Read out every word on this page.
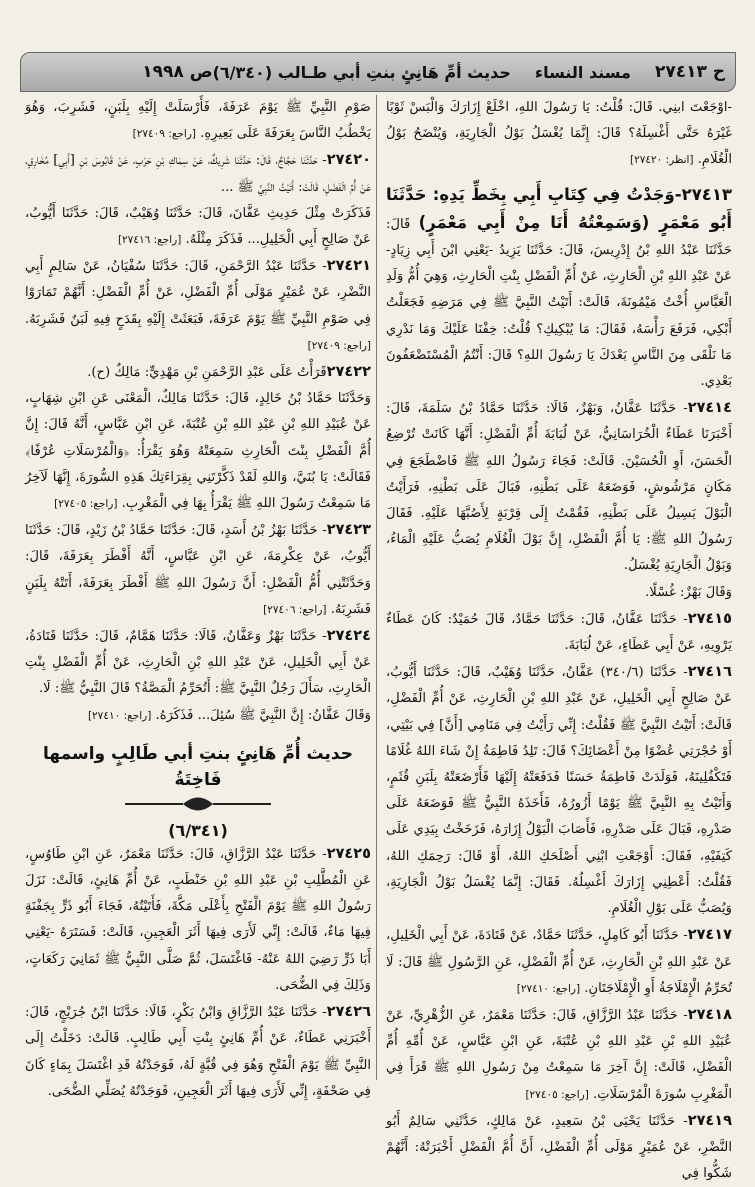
ح ٢٧٤١٣
مسند النساء
حديث أمِّ هَانِئٍ بنتِ أبي طـالب (٦/٣٤٠)
ص ١٩٩٨

-اوْجَعْتَ ابنِي. قَالَ: قُلْتُ: يَا رَسُولَ اللهِ، اخْلَعْ إِزَارَكَ وَالْبَسْ ثَوْبًا غَيْرَهُ حَتَّى أَغْسِلَهُ؟ قَالَ: إِنَّمَا يُغْسَلُ بَوْلُ الْجَارِيَةِ، وَيُنْضَحُ بَوْلُ الْغُلَامِ. [انظر: ٢٧٤٢٠]

٢٧٤١٣-وَجَدْتُ فِي كِتَابِ أَبِي بِخَطِّ يَدِهِ: حَدَّثَنَا أَبُو مَعْمَرٍ (وَسَمِعْتُهُ أَنَا مِنْ أَبِي مَعْمَرٍ) قَالَ: حَدَّثَنَا عَبْدُ اللهِ بْنُ إِدْرِيسَ، قَالَ: حَدَّثَنَا يَزِيدُ -يَعْنِي ابْنَ أَبِي زِيَادٍ- عَنْ عَبْدِ اللهِ بْنِ الْحَارِثِ، عَنْ أُمِّ الْفَضْلِ بِنْتِ الْحَارِثِ، وَهِيَ أُمُّ وَلَدِ الْعَبَّاسِ أُخْتُ مَيْمُونَةَ، قَالَتْ: أَتَيْتُ النَّبِيَّ ﷺ فِي مَرَضِهِ فَجَعَلْتُ أَبْكِي، فَرَفَعَ رَأْسَهُ، فَقَالَ: مَا يُبْكِيكِ؟ قُلْتُ: خِفْنَا عَلَيْكَ وَمَا نَدْرِي مَا نَلْقَى مِنَ النَّاسِ بَعْدَكَ يَا رَسُولَ اللهِ؟ قَالَ: أَنْتُمُ الْمُسْتَضْعَفُونَ بَعْدِي.

٢٧٤١٤- حَدَّثَنَا عَفَّانُ، وَبَهْزٌ، قَالَا: حَدَّثَنَا حَمَّادُ بْنُ سَلَمَةَ، قَالَ: أَخْبَرَنَا عَطَاءٌ الْخُرَاسَانِيُّ، عَنْ لُبَابَةَ أُمِّ الْفَضْلِ: أَنَّهَا كَانَتْ تُرْضِعُ الْحَسَنَ، أَوِ الْحُسَيْنَ. قَالَتْ: فَجَاءَ رَسُولُ اللهِ ﷺ فَاضْطَجَعَ فِي مَكَانٍ مَرْشُوشٍ، فَوَضَعَهُ عَلَى بَطْنِهِ، فَبَالَ عَلَى بَطْنِهِ، فَرَأَيْتُ الْبَوْلَ يَسِيلُ عَلَى بَطْنِهِ، فَقُمْتُ إِلَى قِرْبَةٍ لِأَصُبَّهَا عَلَيْهِ. فَقَالَ رَسُولُ اللهِ ﷺ: يَا أُمَّ الْفَضْلِ، إِنَّ بَوْلَ الْغُلَامِ يُصَبُّ عَلَيْهِ الْمَاءُ، وَبَوْلُ الْجَارِيَةِ يُغْسَلُ.

وَقَالَ بَهْزٌ: غُسْلًا.

٢٧٤١٥- حَدَّثَنَا عَفَّانُ، قَالَ: حَدَّثَنَا حَمَّادٌ، قَالَ حُمَيْدٌ: كَانَ عَطَاءٌ يَرْوِيهِ، عَنْ أَبِي عَطَاءٍ، عَنْ لُبَابَةَ.

٢٧٤١٦- حَدَّثَنَا (٣٤٠/٦) عَفَّانُ، حَدَّثَنَا وُهَيْبٌ، قَالَ: حَدَّثَنَا أَيُّوبُ، عَنْ صَالِحٍ أَبِي الْخَلِيلِ، عَنْ عَبْدِ اللهِ بْنِ الْحَارِثِ، عَنْ أُمِّ الْفَضْلِ، قَالَتْ: أَتَيْتُ النَّبِيَّ ﷺ فَقُلْتُ: إِنِّي رَأَيْتُ فِي مَنَامِي [أَنَّ] فِي بَيْتِي، أَوْ حُجْرَتِي عُضْوًا مِنْ أَعْضَائِكَ؟ قَالَ: تَلِدُ فَاطِمَةُ إِنْ شَاءَ اللهُ غُلَامًا فَتَكْفُلِينَهُ، فَوَلَدَتْ فَاطِمَةُ حَسَنًا فَدَفَعَتْهُ إِلَيْهَا فَأَرْضَعَتْهُ بِلَبَنِ قُثَمٍ، وَأَتَيْتُ بِهِ النَّبِيَّ ﷺ يَوْمًا أَزُورُهُ، فَأَخَذَهُ النَّبِيُّ ﷺ فَوَضَعَهُ عَلَى صَدْرِهِ، فَبَالَ عَلَى صَدْرِهِ، فَأَصَابَ الْبَوْلُ إِزَارَهُ، فَزَخَخْتُ بِيَدِي عَلَى كَتِفَيْهِ، فَقَالَ: أَوْجَعْتِ ابْنِي أَصْلَحَكِ اللهُ، أَوْ قَالَ: رَحِمَكِ اللهُ، فَقُلْتُ: أَعْطِنِي إِزَارَكَ أَغْسِلُهُ. فَقَالَ: إِنَّمَا يُغْسَلُ بَوْلُ الْجَارِيَةِ، وَيُصَبُّ عَلَى بَوْلِ الْغُلَامِ.

٢٧٤١٧- حَدَّثَنَا أَبُو كَامِلٍ، حَدَّثَنَا حَمَّادٌ، عَنْ قَتَادَةَ، عَنْ أَبِي الْخَلِيلِ، عَنْ عَبْدِ اللهِ بْنِ الْحَارِثِ، عَنْ أُمِّ الْفَضْلِ، عَنِ الرَّسُولِ ﷺ قَالَ: لَا تُحَرِّمُ الْإِمْلَاجَةُ أَوِ الْإِمْلَاجَتَانِ. [راجع: ٢٧٤١٠]

٢٧٤١٨- حَدَّثَنَا عَبْدُ الرَّزَّاقِ، قَالَ: حَدَّثَنَا مَعْمَرٌ، عَنِ الزُّهْرِيِّ، عَنْ عُبَيْدِ اللهِ بْنِ عَبْدِ اللهِ بْنِ عُتْبَةَ، عَنِ ابْنِ عَبَّاسٍ، عَنْ أُمِّهِ أُمِّ الْفَضْلِ، قَالَتْ: إِنَّ آخِرَ مَا سَمِعْتُ مِنْ رَسُولِ اللهِ ﷺ قَرَأَ فِي الْمَغْرِبِ سُورَةَ الْمُرْسَلَاتِ. [راجع: ٢٧٤٠٥]

٢٧٤١٩- حَدَّثَنَا يَحْيَى بْنُ سَعِيدٍ، عَنْ مَالِكٍ، حَدَّثَنِي سَالِمٌ أَبُو النَّضْرِ، عَنْ عُمَيْرٍ مَوْلَى أُمِّ الْفَضْلِ، أَنَّ أُمَّ الْفَضْلِ أَخْبَرَتْهُ: أَنَّهُمْ شَكُّوا فِي

صَوْمِ النَّبِيِّ ﷺ يَوْمَ عَرَفَةَ، فَأَرْسَلَتْ إِلَيْهِ بِلَبَنٍ، فَشَرِبَ، وَهُوَ يَخْطُبُ النَّاسَ بِعَرَفَةَ عَلَى بَعِيرِهِ. [راجع: ٢٧٤٠٩]

٢٧٤٢٠- حَدَّثَنَا حَجَّاجٌ، قَالَ: حَدَّثَنَا شَرِيكٌ، عَنْ سِمَاكِ بْنِ حَرْبٍ، عَنْ قَابُوسَ بْنِ [أَبِي] مُخَارِقٍ، عَنْ أُمِّ الْفَضْلِ، قَالَتْ: أَتَيْتُ النَّبِيَّ ﷺ ...

فَذَكَرَتْ مِثْلَ حَدِيثِ عَفَّانَ، قَالَ: حَدَّثَنَا وُهَيْبٌ، قَالَ: حَدَّثَنَا أَيُّوبُ، عَنْ صَالِحٍ أَبِي الْخَلِيلِ... فَذَكَرَ مِثْلَهُ. [راجع: ٢٧٤١٦]

٢٧٤٢١- حَدَّثَنَا عَبْدُ الرَّحْمَنِ، قَالَ: حَدَّثَنَا سُفْيَانُ، عَنْ سَالِمٍ أَبِي النَّضْرِ، عَنْ عُمَيْرٍ مَوْلَى أُمِّ الْفَضْلِ، عَنْ أُمِّ الْفَضْلِ: أَنَّهُمْ تَمَارَوْا فِي صَوْمِ النَّبِيِّ ﷺ يَوْمَ عَرَفَةَ، فَبَعَثَتْ إِلَيْهِ بِقَدَحٍ فِيهِ لَبَنٌ فَشَرِبَهُ. [راجع: ٢٧٤٠٩]

٢٧٤٢٢قَرَأْتُ عَلَى عَبْدِ الرَّحْمَنِ بْنِ مَهْدِيٍّ: مَالِكٌ (ح).

وَحَدَّثَنَا حَمَّادُ بْنُ خَالِدٍ، قَالَ: حَدَّثَنَا مَالِكٌ، الْمَعْنَى عَنِ ابْنِ شِهَابٍ، عَنْ عُبَيْدِ اللهِ بْنِ عَبْدِ اللهِ بْنِ عُتْبَةَ، عَنِ ابْنِ عَبَّاسٍ، أَنَّهُ قَالَ: إِنَّ أُمَّ الْفَضْلِ بِنْتَ الْحَارِثِ سَمِعَتْهُ وَهُوَ يَقْرَأُ: ﴿وَالْمُرْسَلَاتِ عُرْفًا﴾ فَقَالَتْ: يَا بُنَيَّ، وَاللهِ لَقَدْ ذَكَّرْتَنِي بِقِرَاءَتِكَ هَذِهِ السُّورَةَ، إِنَّهَا لَآخِرُ مَا سَمِعْتُ رَسُولَ اللهِ ﷺ يَقْرَأُ بِهَا فِي الْمَغْرِبِ. [راجع: ٢٧٤٠٥]

٢٧٤٢٣- حَدَّثَنَا بَهْزُ بْنُ أَسَدٍ، قَالَ: حَدَّثَنَا حَمَّادُ بْنُ زَيْدٍ، قَالَ: حَدَّثَنَا أَيُّوبُ، عَنْ عِكْرِمَةَ، عَنِ ابْنِ عَبَّاسٍ، أَنَّهُ أَفْطَرَ بِعَرَفَةَ، قَالَ: وَحَدَّثَتْنِي أُمُّ الْفَضْلِ: أَنَّ رَسُولَ اللهِ ﷺ أَفْطَرَ بِعَرَفَةَ، أَتَتْهُ بِلَبَنٍ فَشَرِبَهُ. [راجع: ٢٧٤٠٦]

٢٧٤٢٤- حَدَّثَنَا بَهْزٌ وَعَفَّانُ، قَالَا: حَدَّثَنَا هَمَّامٌ، قَالَ: حَدَّثَنَا قَتَادَةُ، عَنْ أَبِي الْخَلِيلِ، عَنْ عَبْدِ اللهِ بْنِ الْحَارِثِ، عَنْ أُمِّ الْفَضْلِ بِنْتِ الْحَارِثِ، سَأَلَ رَجُلٌ النَّبِيَّ ﷺ: أَتُحَرِّمُ الْمَصَّةُ؟ قَالَ النَّبِيُّ ﷺ: لَا.

وَقَالَ عَفَّانُ: إِنَّ النَّبِيَّ ﷺ سُئِلَ... فَذَكَرَهُ. [راجع: ٢٧٤١٠]

حديث أُمِّ هَانِئٍ بنتِ أبي طَالِبٍ واسمها فَاخِتَةُ
(٦/٣٤١)

٢٧٤٢٥- حَدَّثَنَا عَبْدُ الرَّزَّاقِ، قَالَ: حَدَّثَنَا مَعْمَرٌ، عَنِ ابْنِ طَاوُسٍ، عَنِ الْمُطَّلِبِ بْنِ عَبْدِ اللهِ بْنِ حَنْطَبٍ، عَنْ أُمِّ هَانِئٍ، قَالَتْ: نَزَلَ رَسُولُ اللهِ ﷺ يَوْمَ الْفَتْحِ بِأَعْلَى مَكَّةَ، فَأَتَيْتُهُ، فَجَاءَ أَبُو ذَرٍّ بِجَفْنَةٍ فِيهَا مَاءٌ، قَالَتْ: إِنِّي لَأَرَى فِيهَا أَثَرَ الْعَجِينِ، قَالَتْ: فَسَتَرَهُ -يَعْنِي أَبَا ذَرٍّ رَضِيَ اللهُ عَنْهُ- فَاغْتَسَلَ، ثُمَّ صَلَّى النَّبِيُّ ﷺ ثَمَانِيَ رَكَعَاتٍ، وَذَلِكَ فِي الضُّحَى.

٢٧٤٢٦- حَدَّثَنَا عَبْدُ الرَّزَّاقِ وَابْنُ بَكْرٍ، قَالَا: حَدَّثَنَا ابْنُ جُرَيْجٍ، قَالَ: أَخْبَرَنِي عَطَاءٌ، عَنْ أُمِّ هَانِئٍ بِنْتِ أَبِي طَالِبٍ. قَالَتْ: دَخَلْتُ إِلَى النَّبِيِّ ﷺ يَوْمَ الْفَتْحِ وَهُوَ فِي قُبَّةٍ لَهُ، فَوَجَدْتُهُ قَدِ اغْتَسَلَ بِمَاءٍ كَانَ فِي صَحْفَةٍ، إِنِّي لَأَرَى فِيهَا أَثَرَ الْعَجِينِ، فَوَجَدْتُهُ يُصَلِّي الضُّحَى.
